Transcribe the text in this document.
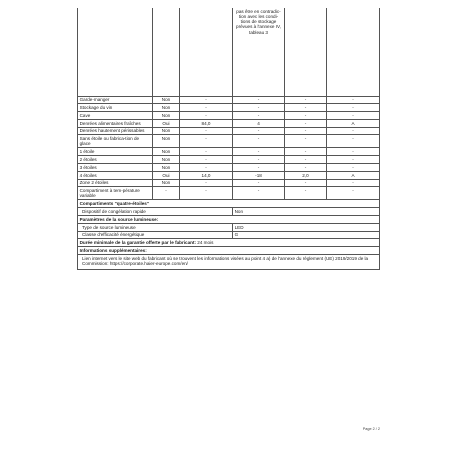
			pas être en contradic-tion avec les condi-tions de stockage prévues à l'annexe IV, tableau 3		
Garde-manger	Non	-	-	-	-
Stockage du vin	Non	-	-	-	-
Cave	Non	-	-	-	-
Denrées alimentaires fraîches	Oui	84,0	4	-	A
Denrées hautement périssables	Non	-	-	-	-
Sans étoile ou fabrica-tion de glace	Non	-	-	-	-
1 étoile	Non	-	-	-	-
2 étoiles	Non	-	-	-	-
3 étoiles	Non	-	-	-	-
4 étoiles	Oui	14,0	-18	2,0	A
Zone 2 étoiles	Non	-	-	-	-
Compartiment à tem-pérature variable	-	-	-	-	-
Compartiments "quatre-étoiles"					
Dispositif de congélation rapide			Non		
Paramètres de la source lumineuse:					
Type de source lumineuse			LED		
Classe d'efficacité énergétique			G		
Durée minimale de la garantie offerte par le fabricant: 24 mois					
Informations supplémentaires:					
Lien internet vers le site web du fabricant où se trouvent les informations visées au point 4 a) de l'annexe du règlement (UE) 2019/2019 de la Commission: https://corporate.haier-europe.com/en/					
Page 2 / 2
